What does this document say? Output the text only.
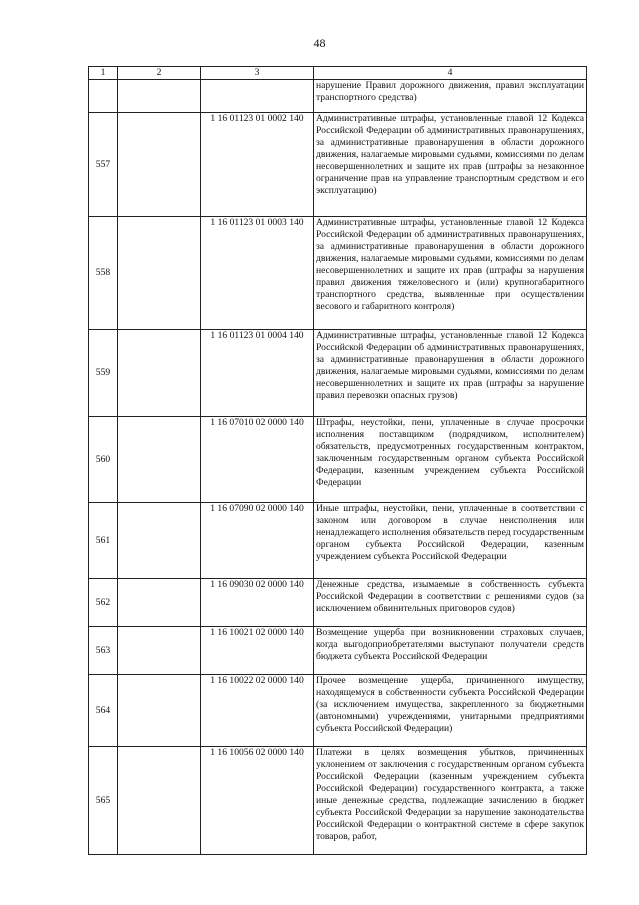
48
1	2	3	4
			нарушение Правил дорожного движения, правил эксплуатации транспортного средства)
557		1 16 01123 01 0002 140	Административные штрафы, установленные главой 12 Кодекса Российской Федерации об административных правонарушениях, за административные правонарушения в области дорожного движения, налагаемые мировыми судьями, комиссиями по делам несовершеннолетних и защите их прав (штрафы за незаконное ограничение прав на управление транспортным средством и его эксплуатацию)
558		1 16 01123 01 0003 140	Административные штрафы, установленные главой 12 Кодекса Российской Федерации об административных правонарушениях, за административные правонарушения в области дорожного движения, налагаемые мировыми судьями, комиссиями по делам несовершеннолетних и защите их прав (штрафы за нарушения правил движения тяжеловесного и (или) крупногабаритного транспортного средства, выявленные при осуществлении весового и габаритного контроля)
559		1 16 01123 01 0004 140	Административные штрафы, установленные главой 12 Кодекса Российской Федерации об административных правонарушениях, за административные правонарушения в области дорожного движения, налагаемые мировыми судьями, комиссиями по делам несовершеннолетних и защите их прав (штрафы за нарушение правил перевозки опасных грузов)
560		1 16 07010 02 0000 140	Штрафы, неустойки, пени, уплаченные в случае просрочки исполнения поставщиком (подрядчиком, исполнителем) обязательств, предусмотренных государственным контрактом, заключенным государственным органом субъекта Российской Федерации, казенным учреждением субъекта Российской Федерации
561		1 16 07090 02 0000 140	Иные штрафы, неустойки, пени, уплаченные в соответствии с законом или договором в случае неисполнения или ненадлежащего исполнения обязательств перед государственным органом субъекта Российской Федерации, казенным учреждением субъекта Российской Федерации
562		1 16 09030 02 0000 140	Денежные средства, изымаемые в собственность субъекта Российской Федерации в соответствии с решениями судов (за исключением обвинительных приговоров судов)
563		1 16 10021 02 0000 140	Возмещение ущерба при возникновении страховых случаев, когда выгодоприобретателями выступают получатели средств бюджета субъекта Российской Федерации
564		1 16 10022 02 0000 140	Прочее возмещение ущерба, причиненного имуществу, находящемуся в собственности субъекта Российской Федерации (за исключением имущества, закрепленного за бюджетными (автономными) учреждениями, унитарными предприятиями субъекта Российской Федерации)
565		1 16 10056 02 0000 140	Платежи в целях возмещения убытков, причиненных уклонением от заключения с государственным органом субъекта Российской Федерации (казенным учреждением субъекта Российской Федерации) государственного контракта, а также иные денежные средства, подлежащие зачислению в бюджет субъекта Российской Федерации за нарушение законодательства Российской Федерации о контрактной системе в сфере закупок товаров, работ,
